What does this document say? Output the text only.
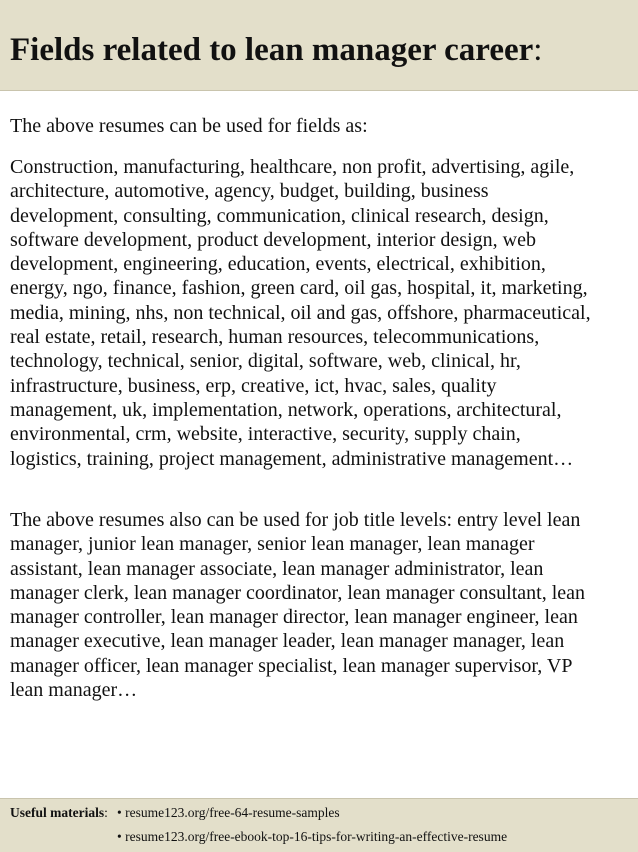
Fields related to lean manager career:

The above resumes can be used for fields as:

Construction, manufacturing, healthcare, non profit, advertising, agile,
architecture, automotive, agency, budget, building, business
development, consulting, communication, clinical research, design,
software development, product development, interior design, web
development, engineering, education, events, electrical, exhibition,
energy, ngo, finance, fashion, green card, oil gas, hospital, it, marketing,
media, mining, nhs, non technical, oil and gas, offshore, pharmaceutical,
real estate, retail, research, human resources, telecommunications,
technology, technical, senior, digital, software, web, clinical, hr,
infrastructure, business, erp, creative, ict, hvac, sales, quality
management, uk, implementation, network, operations, architectural,
environmental, crm, website, interactive, security, supply chain,
logistics, training, project management, administrative management…

The above resumes also can be used for job title levels: entry level lean
manager, junior lean manager, senior lean manager, lean manager
assistant, lean manager associate, lean manager administrator, lean
manager clerk, lean manager coordinator, lean manager consultant, lean
manager controller, lean manager director, lean manager engineer, lean
manager executive, lean manager leader, lean manager manager, lean
manager officer, lean manager specialist, lean manager supervisor, VP
lean manager…

Useful materials: • resume123.org/free-64-resume-samples
• resume123.org/free-ebook-top-16-tips-for-writing-an-effective-resume
